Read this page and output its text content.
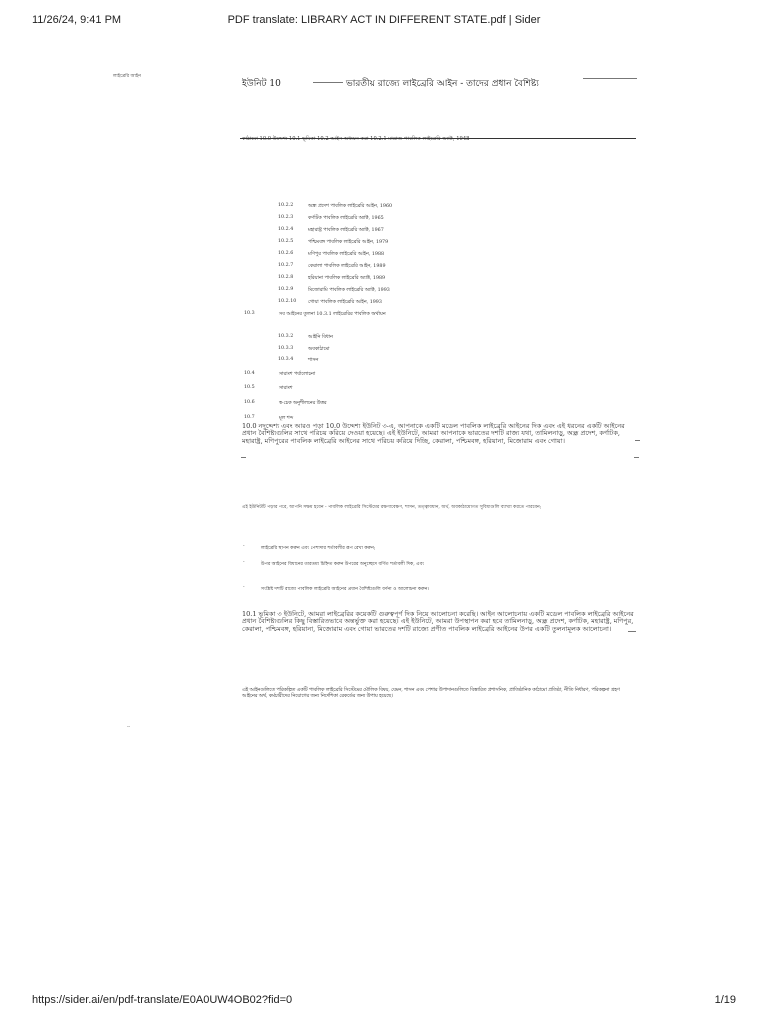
11/26/24, 9:41 PM	PDF translate: LIBRARY ACT IN DIFFERENT STATE.pdf | Sider
লাইব্রেরি আইন
ইউনিট 10	ভারতীয় রাজ্যে লাইব্রেরি আইন - তাদের প্রধান বৈশিষ্ট্য
কাঠামো 10.0 উদ্দেশ্য 10.1 ভূমিকা 10.2 আইন অধ্যয়ন করা 10.2.1 মাদ্রাজ পাবলিক লাইব্রেরি অ্যাক্ট, 1948
10.2.2	অন্ধ্র প্রদেশ পাবলিক লাইব্রেরি আইন, 1960
10.2.3	কর্ণাটক পাবলিক লাইব্রেরি অ্যাক্ট, 1965
10.2.4	মহারাষ্ট্র পাবলিক লাইব্রেরি অ্যাক্ট, 1967
10.2.5	পশ্চিমবঙ্গ পাবলিক লাইব্রেরি আইন, 1979
10.2.6	মণিপুর পাবলিক লাইব্রেরি আইন, 1988
10.2.7	কেরালা পাবলিক লাইব্রেরি আইন, 1989
10.2.8	হরিয়ানা পাবলিক লাইব্রেরি অ্যাক্ট, 1989
10.2.9	মিজোরামি পাবলিক লাইব্রেরি অ্যাক্ট, 1993
10.2.10 গোয়া পাবলিক লাইব্রেরি আইন, 1993
10.3	সব আইনের তুলনা 10.3.1 লাইব্রেরির পাবলিক অর্থায়ন
10.3.2	আইনি বিধান
10.3.3	অবকাঠামো
10.3.4	শাসন
10.4	সারাংশ পর্যালোচনা
10.5	সারাংশ
10.6	স্ব-চেক অনুশীলনের উত্তর
10.7	মূল শব্দ
10.0 নদুদ্দেশ্য এবং আরও পড়া 10.0 উদ্দেশ্য ইউনিট ৩-এ, আপনাকে একটি মডেল পাবলিক লাইব্রেরি আইনের দিক এবং এই ধরনের একটি আইনের প্রধান বৈশিষ্ট্যগুলির সাথে পরিচয় করিয়ে দেওয়া হয়েছে। এই ইউনিটে, আমরা আপনাকে ভারতের দশটি রাজ্য যথা, তামিলনাড়ু, অন্ধ্র প্রদেশ, কর্ণাটক, মহারাষ্ট্র, মণিপুরের পাবলিক লাইব্রেরি আইনের সাথে পরিচয় করিয়ে দিচ্ছি, কেরালা, পশ্চিমবঙ্গ, হরিয়ানা, মিজোরাম এবং গোয়া।
এই ইউনিটটি পড়ার পরে, আপনি সক্ষম হবেন - পাবলিক লাইব্রেরি সিস্টেমের রক্ষণাবেক্ষণ, শাসন, তত্ত্বাবধান, অর্থ, অবকাঠামোগত সুবিধাগুলি ব্যাখ্যা করতে পারবেন;
-	লাইব্রেরি স্থাপন করুন এবং পেশাদার শর্তাবলীর রূপ রেখা করুন;
-	উপর আইনের বিধানের তারতম্য চিহ্নিত করুন উপরের অনুচ্ছেদে বর্ণিত শর্তাবলী দিক, এবং
-	সংশ্লিষ্ট দশটি রাজ্যে পাবলিক লাইব্রেরি আইনের প্রধান বৈশিষ্ট্যগুলি বর্ণনা ও আলোচনা করুন।
10.1 ভূমিকা ৩ ইউনিটে, আমরা লাইব্রেরির কয়েকটি গুরুত্বপূর্ণ দিক নিয়ে আলোচনা করেছি। আইন আলোচনায় একটি মডেল পাবলিক লাইব্রেরি আইনের প্রধান বৈশিষ্ট্যগুলির কিছু বিস্তারিতভাবে অন্তর্ভুক্ত করা হয়েছে। এই ইউনিটে, আমরা উপস্থাপন করা হবে তামিলনাড়ু, অন্ধ্র প্রদেশ, কর্ণাটক, মহারাষ্ট্র, মণিপুর, কেরালা, পশ্চিমবঙ্গ, হরিয়ানা, মিজোরাম এবং গোয়া ভারতের দশটি রাজ্যে প্রণীত পাবলিক লাইব্রেরি আইনের উপর একটি তুলনামূলক আলোচনা।
এই আইনগুলিতে পরিকল্পিত একটি পাবলিক লাইব্রেরি সিস্টেমের মৌলিক বিষয়, যেমন, শাসন এবং পেশার উপাদানগুলিতে বিস্তারিত প্রশাসনিক, প্রাতিষ্ঠানিক কাঠামো প্রতিষ্ঠা, নীতি নির্ধারণ, পরিকল্পনা গ্রহণ আইনের অর্থ, কর্মচারীদের নিয়োগের জন্য নির্দেশিকা রেকর্ডের জন্য উপায় হয়েছে।
--
https://sider.ai/en/pdf-translate/E0A0UW4OB02?fid=0	1/19
